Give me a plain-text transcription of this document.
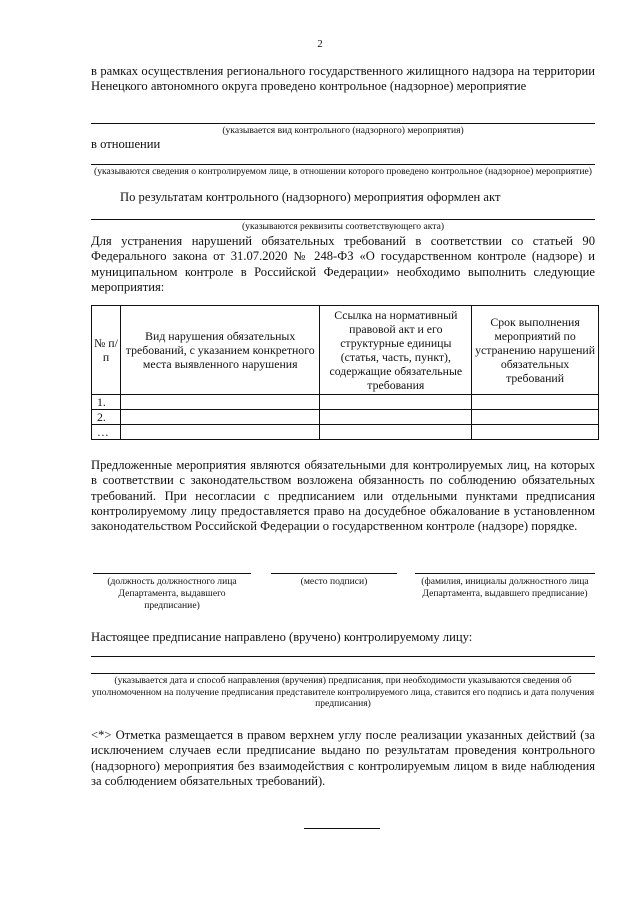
2
в рамках осуществления регионального государственного жилищного надзора на территории Ненецкого автономного округа проведено контрольное (надзорное) мероприятие
(указывается вид контрольного (надзорного) мероприятия)
в отношении
(указываются сведения о контролируемом лице, в отношении которого проведено контрольное (надзорное) мероприятие)
По результатам контрольного (надзорного) мероприятия оформлен акт
(указываются реквизиты соответствующего акта)
Для устранения нарушений обязательных требований в соответствии со статьей 90 Федерального закона от 31.07.2020 № 248-ФЗ «О государственном контроле (надзоре) и муниципальном контроле в Российской Федерации» необходимо выполнить следующие мероприятия:
№ п/п	Вид нарушения обязательных требований, с указанием конкретного места выявленного нарушения	Ссылка на нормативный правовой акт и его структурные единицы (статья, часть, пункт), содержащие обязательные требования	Срок выполнения мероприятий по устранению нарушений обязательных требований
1.			
2.			
…			
Предложенные мероприятия являются обязательными для контролируемых лиц, на которых в соответствии с законодательством возложена обязанность по соблюдению обязательных требований. При несогласии с предписанием или отдельными пунктами предписания контролируемому лицу предоставляется право на досудебное обжалование в установленном законодательством Российской Федерации о государственном контроле (надзоре) порядке.
(должность должностного лица Департамента, выдавшего предписание)
(место подписи)	(фамилия, инициалы должностного лица Департамента, выдавшего предписание)
Настоящее предписание направлено (вручено) контролируемому лицу:
(указывается дата и способ направления (вручения) предписания, при необходимости указываются сведения об уполномоченном на получение предписания представителе контролируемого лица, ставится его подпись и дата получения предписания)
<*> Отметка размещается в правом верхнем углу после реализации указанных действий (за исключением случаев если предписание выдано по результатам проведения контрольного (надзорного) мероприятия без взаимодействия с контролируемым лицом в виде наблюдения за соблюдением обязательных требований).
